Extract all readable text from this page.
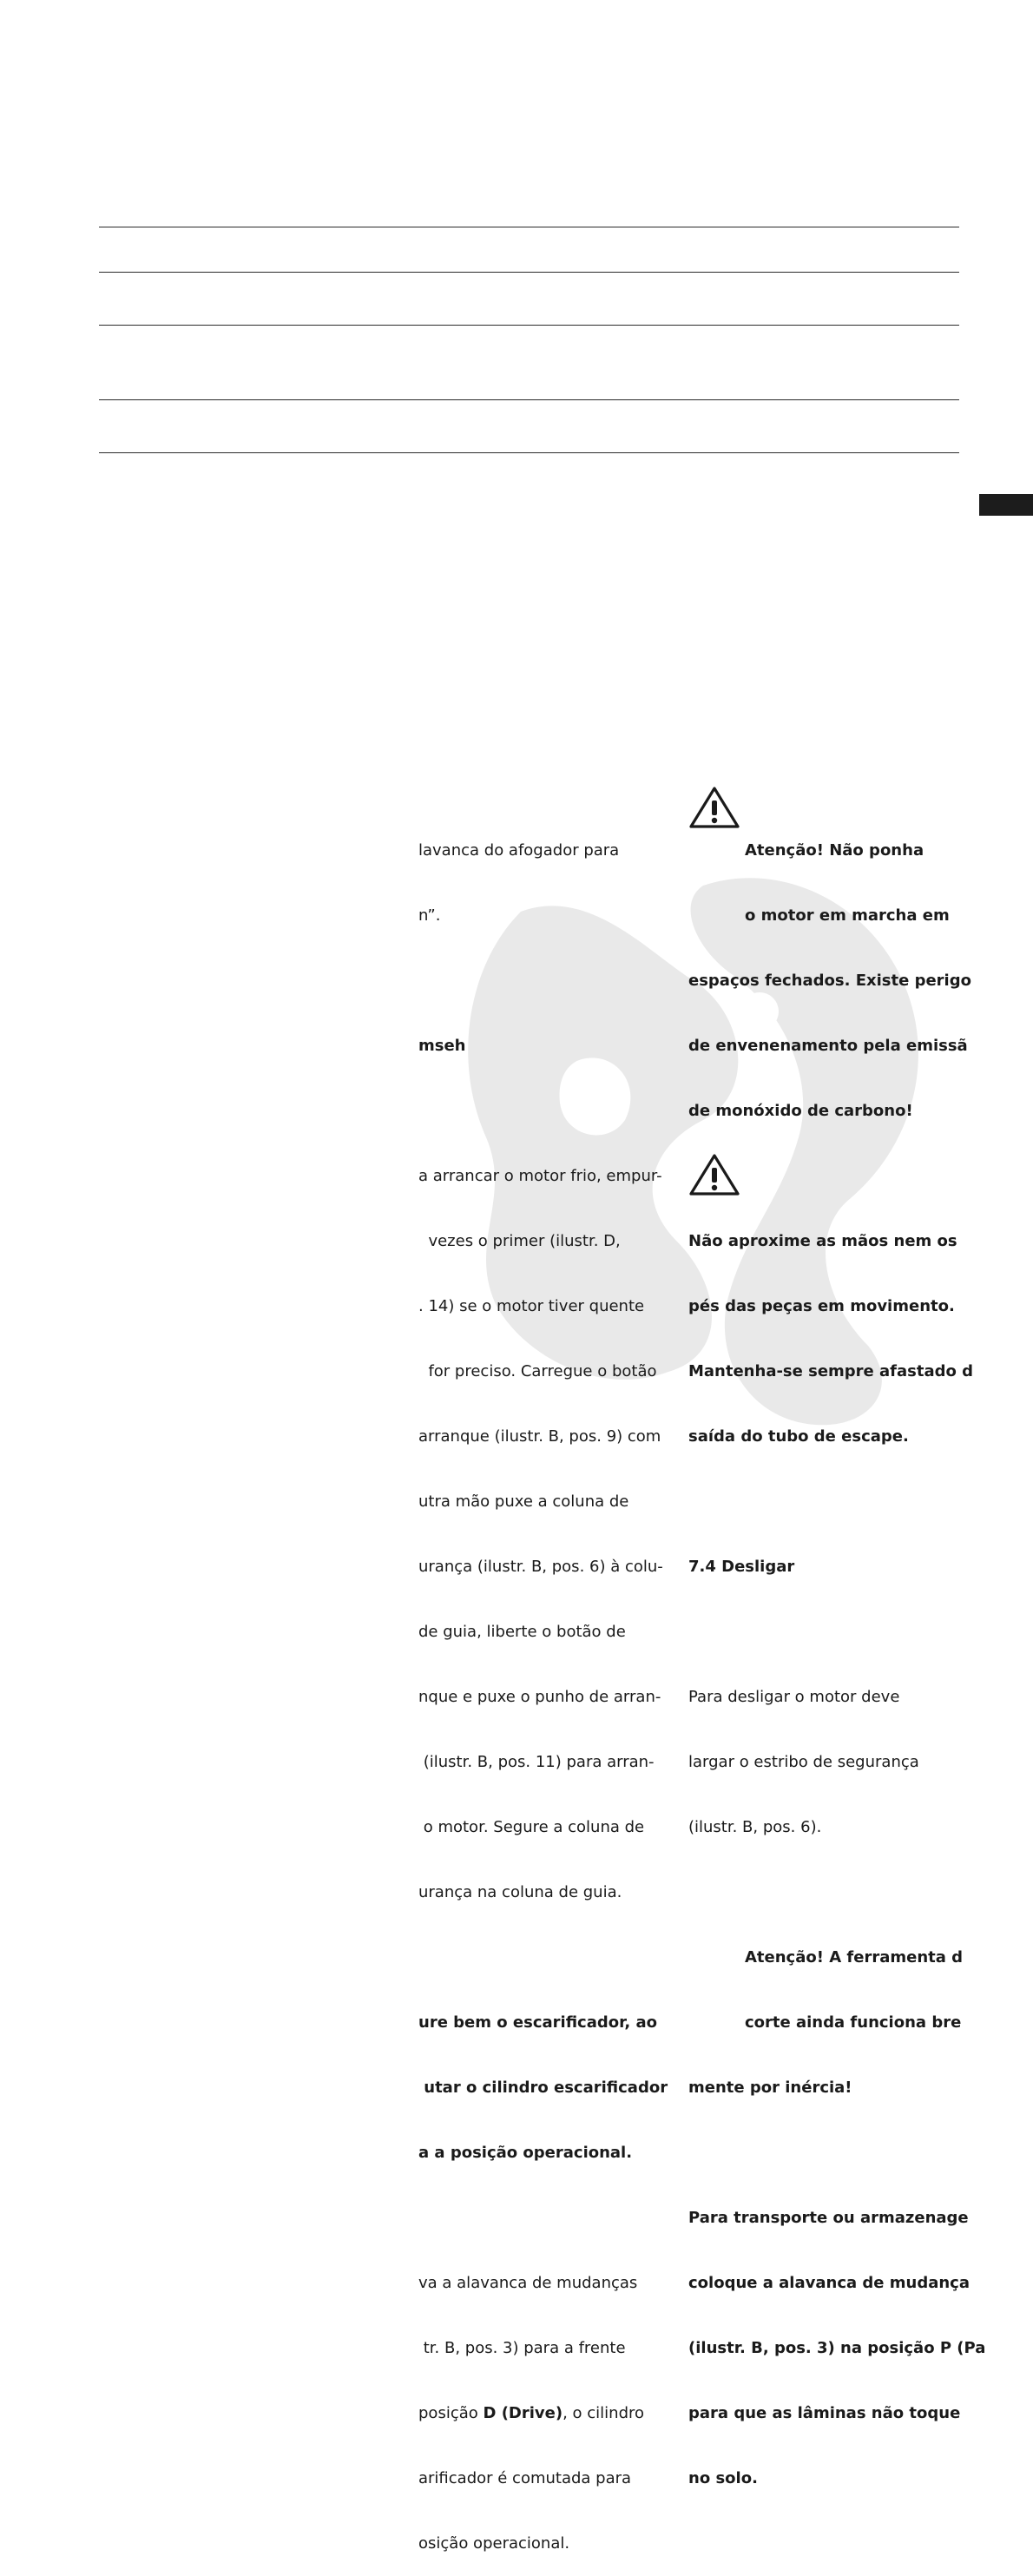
lavanca do afogador para

n”.

mseh

a arrancar o motor frio, empur-

vezes o primer (ilustr. D,

. 14) se o motor tiver quente

for preciso. Carregue o botão

arranque (ilustr. B, pos. 9) com

utra mão puxe a coluna de

urança (ilustr. B, pos. 6) à colu-

de guia, liberte o botão de

nque e puxe o punho de arran-

(ilustr. B, pos. 11) para arran-

o motor. Segure a coluna de

urança na coluna de guia.

ure bem o escarificador, ao

utar o cilindro escarificador

a a posição operacional.

va a alavanca de mudanças

tr. B, pos. 3) para a frente

posição D (Drive), o cilindro

arificador é comutada para

osição operacional.

Atenção! Não ponha

o motor em marcha em

espaços fechados. Existe perigo

de envenenamento pela emissã

de monóxido de carbono!

Não aproxime as mãos nem os

pés das peças em movimento.

Mantenha-se sempre afastado d

saída do tubo de escape.

7.4 Desligar

Para desligar o motor deve

largar o estribo de segurança

(ilustr. B, pos. 6).

Atenção! A ferramenta d

corte ainda funciona bre

mente por inércia!

Para transporte ou armazenage

coloque a alavanca de mudança

(ilustr. B, pos. 3) na posição P (Pa

para que as lâminas não toque

no solo.
